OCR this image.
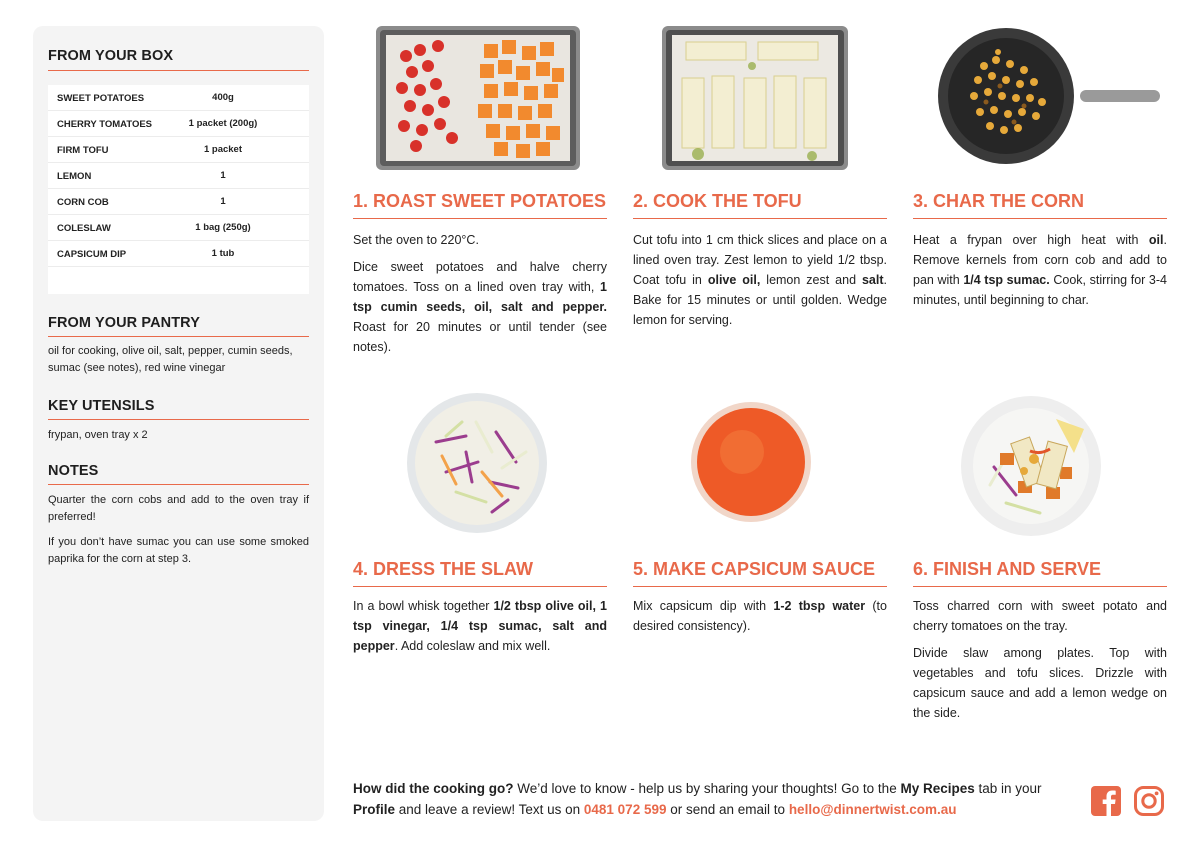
FROM YOUR BOX
SWEET POTATOES	400g
CHERRY TOMATOES	1 packet (200g)
FIRM TOFU	1 packet
LEMON	1
CORN COB	1
COLESLAW	1 bag (250g)
CAPSICUM DIP	1 tub
FROM YOUR PANTRY
oil for cooking, olive oil, salt, pepper, cumin seeds, sumac (see notes), red wine vinegar
KEY UTENSILS
frypan, oven tray x 2
NOTES
Quarter the corn cobs and add to the oven tray if preferred!
If you don’t have sumac you can use some smoked paprika for the corn at step 3.
1. ROAST SWEET POTATOES

Set the oven to 220°C.

Dice sweet potatoes and halve cherry tomatoes. Toss on a lined oven tray with, 1 tsp cumin seeds, oil, salt and pepper. Roast for 20 minutes or until tender (see notes).

2. COOK THE TOFU

Cut tofu into 1 cm thick slices and place on a lined oven tray. Zest lemon to yield 1/2 tbsp. Coat tofu in olive oil, lemon zest and salt. Bake for 15 minutes or until golden. Wedge lemon for serving.

3. CHAR THE CORN

Heat a frypan over high heat with oil. Remove kernels from corn cob and add to pan with 1/4 tsp sumac. Cook, stirring for 3-4 minutes, until beginning to char.

4. DRESS THE SLAW

In a bowl whisk together 1/2 tbsp olive oil, 1 tsp vinegar, 1/4 tsp sumac, salt and pepper. Add coleslaw and mix well.

5. MAKE CAPSICUM SAUCE

Mix capsicum dip with 1-2 tbsp water (to desired consistency).

6. FINISH AND SERVE

Toss charred corn with sweet potato and cherry tomatoes on the tray.

Divide slaw among plates. Top with vegetables and tofu slices. Drizzle with capsicum sauce and add a lemon wedge on the side.

How did the cooking go? We’d love to know - help us by sharing your thoughts! Go to the My Recipes tab in your Profile and leave a review! Text us on 0481 072 599 or send an email to hello@dinnertwist.com.au
